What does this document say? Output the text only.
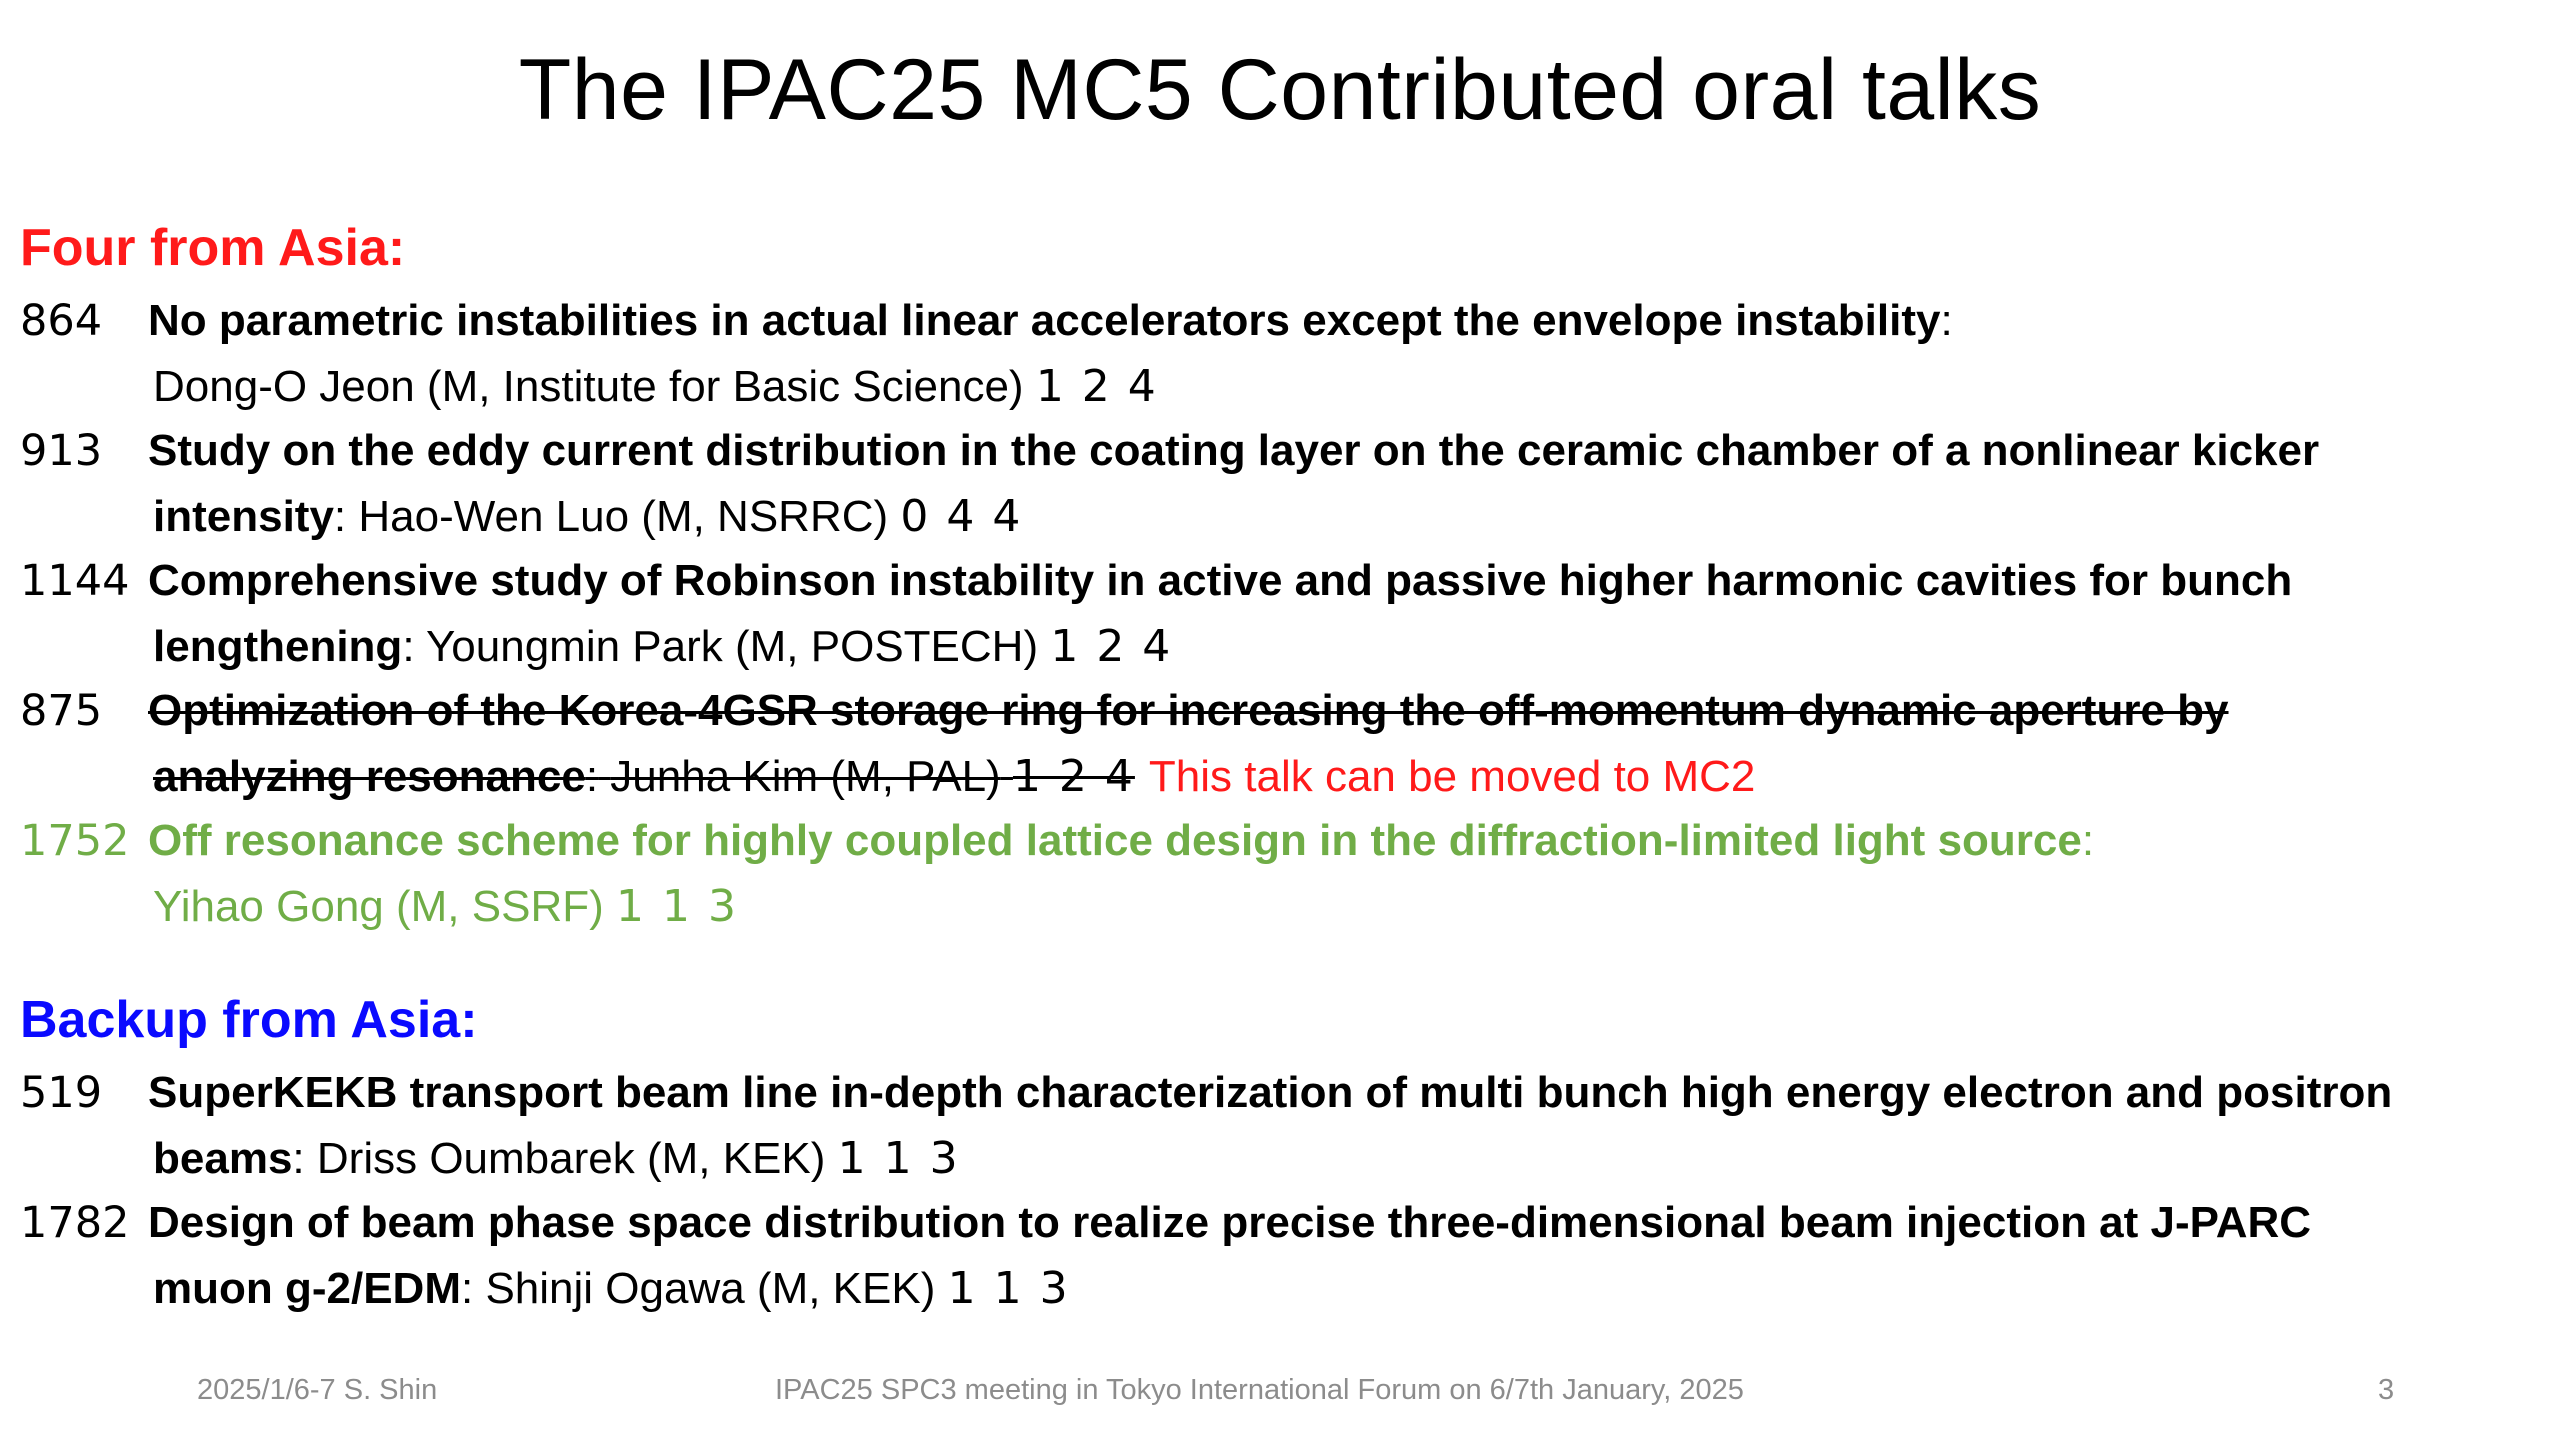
The IPAC25 MC5 Contributed oral talks
Four from Asia:
864 No parametric instabilities in actual linear accelerators except the envelope instability:
Dong-O Jeon (M, Institute for Basic Science) 1 2 4
913 Study on the eddy current distribution in the coating layer on the ceramic chamber of a nonlinear kicker
intensity: Hao-Wen Luo (M, NSRRC) 0 4 4
1144 Comprehensive study of Robinson instability in active and passive higher harmonic cavities for bunch
lengthening: Youngmin Park (M, POSTECH) 1 2 4
875 Optimization of the Korea-4GSR storage ring for increasing the off-momentum dynamic aperture by
analyzing resonance: Junha Kim (M, PAL) 1 2 4 This talk can be moved to MC2
1752 Off resonance scheme for highly coupled lattice design in the diffraction-limited light source:
Yihao Gong (M, SSRF) 1 1 3
Backup from Asia:
519 SuperKEKB transport beam line in-depth characterization of multi bunch high energy electron and positron
beams: Driss Oumbarek (M, KEK) 1 1 3
1782 Design of beam phase space distribution to realize precise three-dimensional beam injection at J-PARC
muon g-2/EDM: Shinji Ogawa (M, KEK) 1 1 3
2025/1/6-7 S. Shin	IPAC25 SPC3 meeting in Tokyo International Forum on 6/7th January, 2025	3
